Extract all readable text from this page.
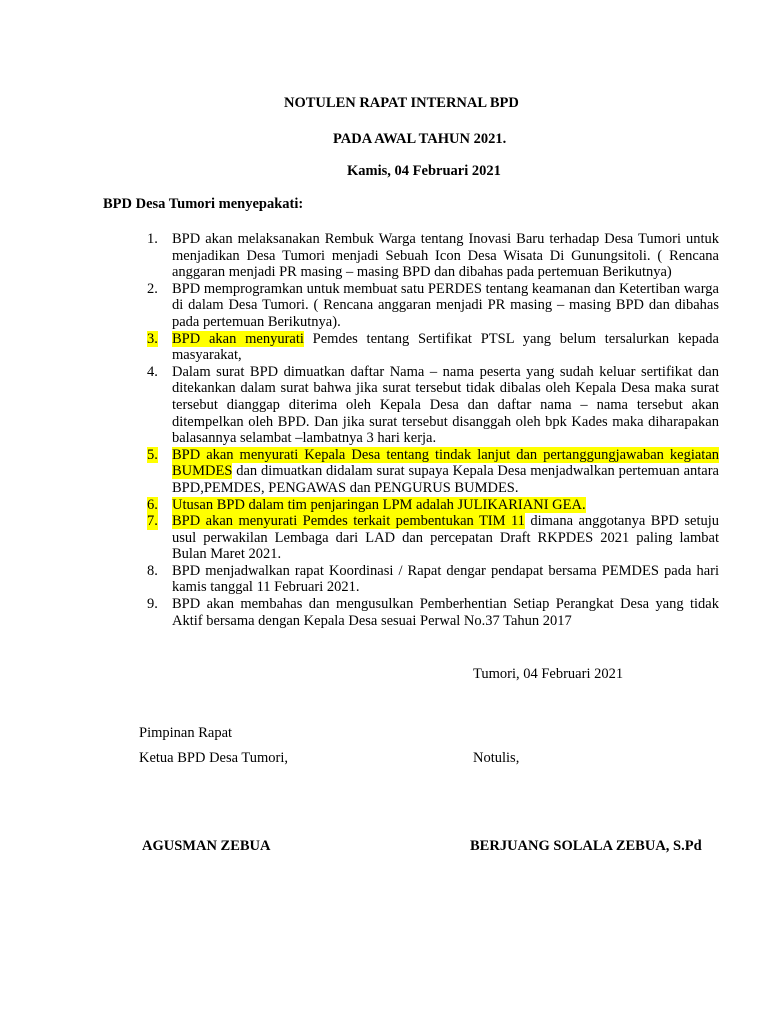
NOTULEN RAPAT INTERNAL BPD
PADA AWAL TAHUN 2021.
Kamis, 04 Februari 2021
BPD Desa Tumori menyepakati:
1. BPD akan melaksanakan Rembuk Warga tentang Inovasi Baru terhadap Desa Tumori untuk menjadikan Desa Tumori menjadi Sebuah Icon Desa Wisata Di Gunungsitoli. ( Rencana anggaran menjadi PR masing – masing BPD dan dibahas pada pertemuan Berikutnya)
2. BPD memprogramkan untuk membuat satu PERDES tentang keamanan dan Ketertiban warga di dalam Desa Tumori. ( Rencana anggaran menjadi PR masing – masing BPD dan dibahas pada pertemuan Berikutnya).
3. BPD akan menyurati Pemdes tentang Sertifikat PTSL yang belum tersalurkan kepada masyarakat,
4. Dalam surat BPD dimuatkan daftar Nama – nama peserta yang sudah keluar sertifikat dan ditekankan dalam surat bahwa jika surat tersebut tidak dibalas oleh Kepala Desa maka surat tersebut dianggap diterima oleh Kepala Desa dan daftar nama – nama tersebut akan ditempelkan oleh BPD. Dan jika surat tersebut disanggah oleh bpk Kades maka diharapakan balasannya selambat –lambatnya 3 hari kerja.
5. BPD akan menyurati Kepala Desa tentang tindak lanjut dan pertanggungjawaban kegiatan BUMDES dan dimuatkan didalam surat supaya Kepala Desa menjadwalkan pertemuan antara BPD,PEMDES, PENGAWAS dan PENGURUS BUMDES.
6. Utusan BPD dalam tim penjaringan LPM adalah JULIKARIANI GEA.
7. BPD akan menyurati Pemdes terkait pembentukan TIM 11 dimana anggotanya BPD setuju usul perwakilan Lembaga dari LAD dan percepatan Draft RKPDES 2021 paling lambat Bulan Maret 2021.
8. BPD menjadwalkan rapat Koordinasi / Rapat dengar pendapat bersama PEMDES pada hari kamis tanggal 11 Februari 2021.
9. BPD akan membahas dan mengusulkan Pemberhentian Setiap Perangkat Desa yang tidak Aktif bersama dengan Kepala Desa sesuai Perwal No.37 Tahun 2017
Tumori, 04 Februari 2021
Pimpinan Rapat
Ketua BPD Desa Tumori,	Notulis,
AGUSMAN ZEBUA	BERJUANG SOLALA ZEBUA, S.Pd
